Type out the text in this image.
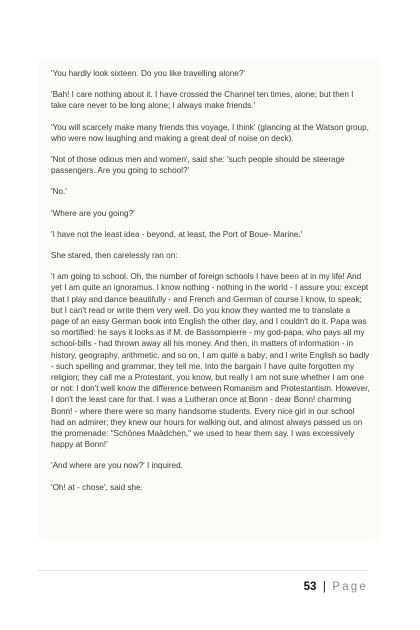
'You hardly look sixteen. Do you like travelling alone?'

'Bah! I care nothing about it. I have crossed the Channel ten times, alone; but then I take care never to be long alone; I always make friends.'

'You will scarcely make many friends this voyage, I think' (glancing at the Watson group, who were now laughing and making a great deal of noise on deck).

'Not of those odious men and women', said she: 'such people should be steerage passengers. Are you going to school?'

'No.'

'Where are you going?'

'I have not the least idea - beyond, at least, the Port of Boue- Marine.'

She stared, then carelessly ran on:

'I am going to school. Oh, the number of foreign schools I have been at in my life! And yet I am quite an ignoramus. I know nothing - nothing in the world - I assure you; except that I play and dance beautifully - and French and German of course I know, to speak; but I can't read or write them very well. Do you know they wanted me to translate a page of an easy German book into English the other day, and I couldn't do it. Papa was so mortified: he says it looks as if M. de Bassompierre - my god-papa, who pays all my school-bills - had thrown away all his money. And then, in matters of information - in history, geography, arithmetic, and so on, I am quite a baby; and I write English so badly - such spelling and grammar, they tell me. Into the bargain I have quite forgotten my religion; they call me a Protestant, you know, but really I am not sure whether I am one or not: I don't well know the difference between Romanism and Protestantism. However, I don't the least care for that. I was a Lutheran once at Bonn - dear Bonn! charming Bonn! - where there were so many handsome students. Every nice girl in our school had an admirer; they knew our hours for walking out, and almost always passed us on the promenade: "Schönes Maädchen," we used to hear them say. I was excessively happy at Bonn!'

'And where are you now?' I inquired.

'Oh! at - chose', said she.

53 | Page
